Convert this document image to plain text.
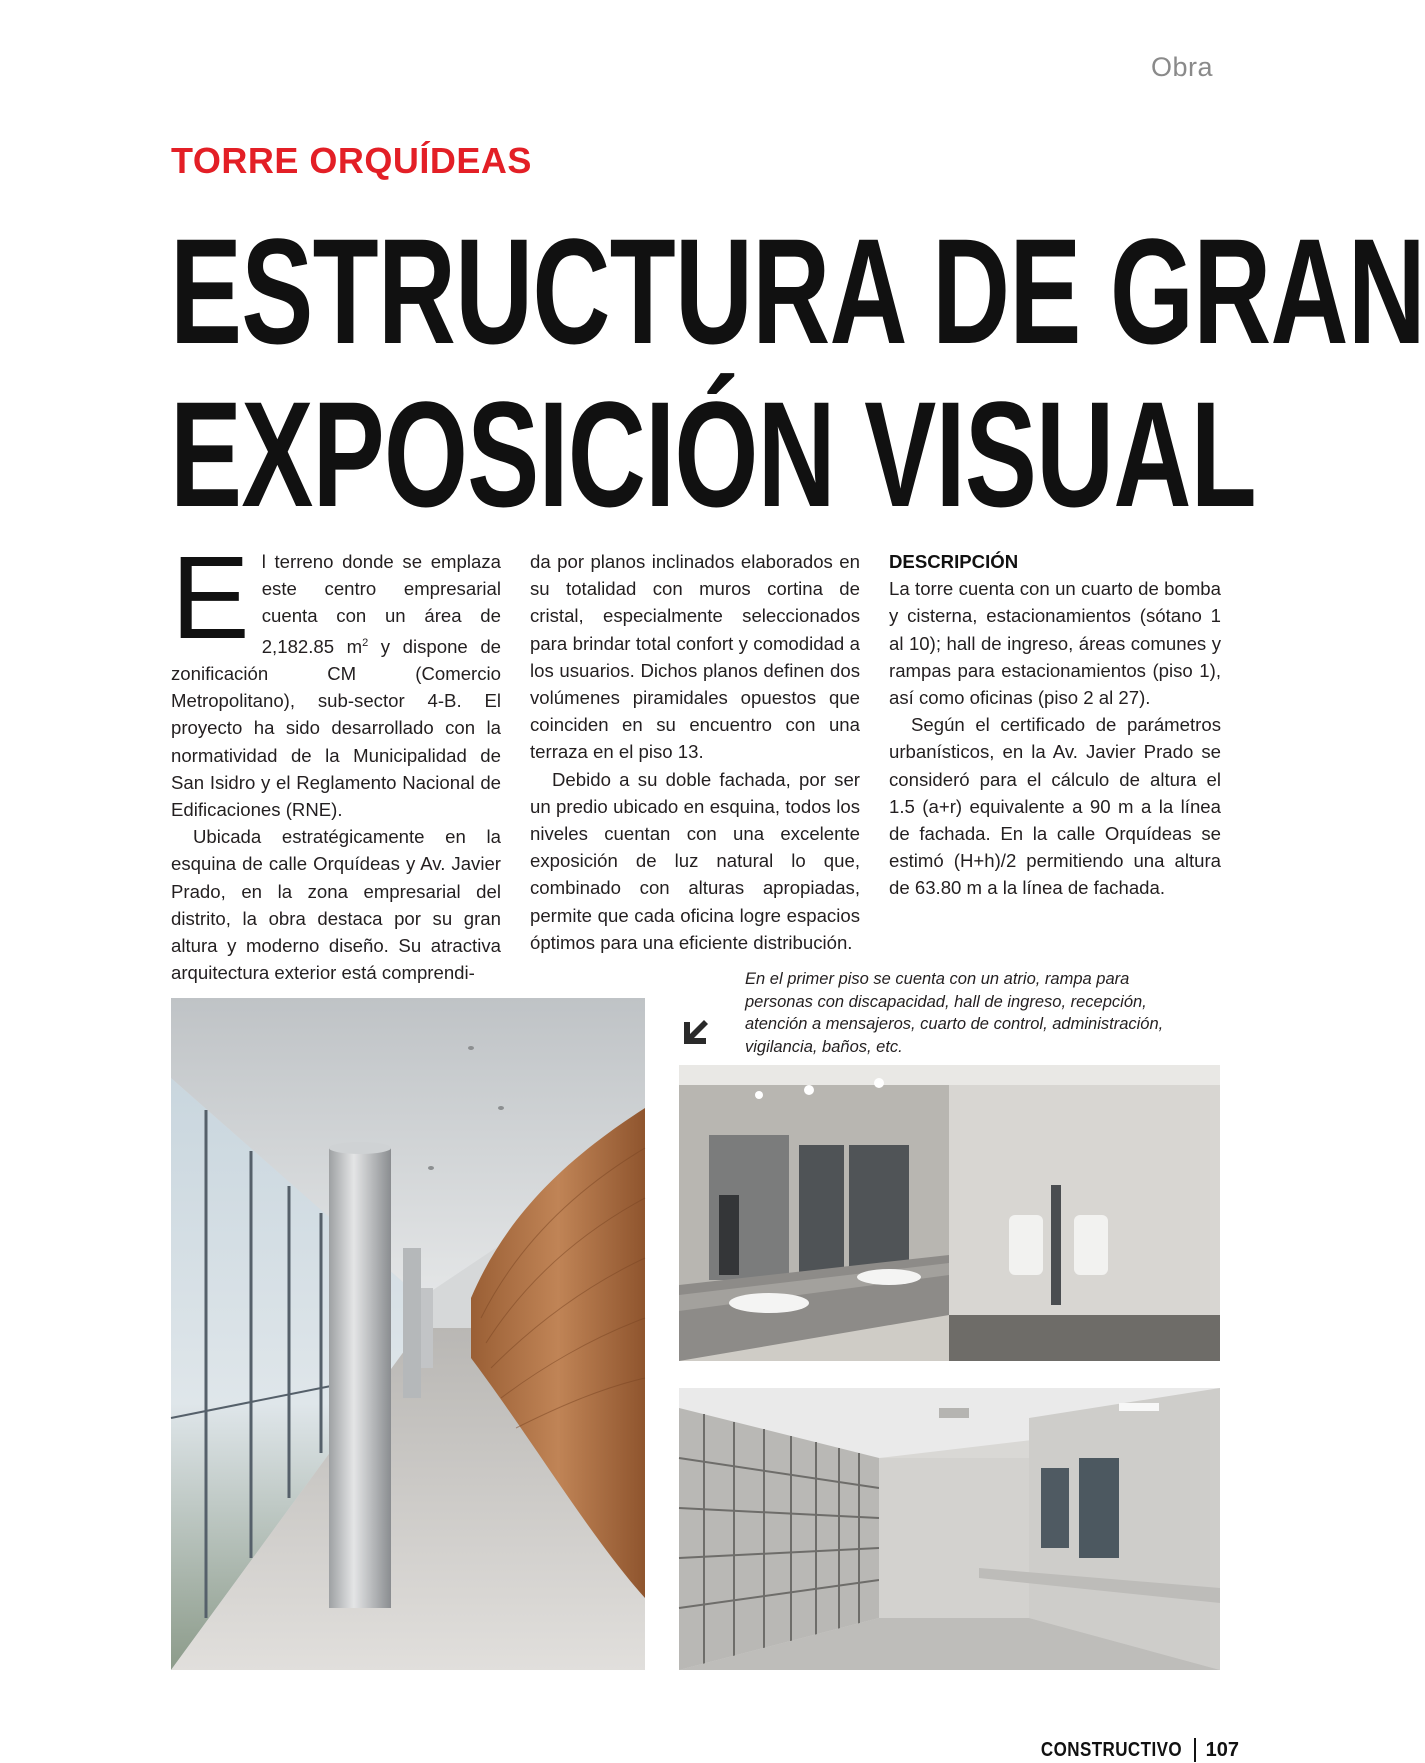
Obra
TORRE ORQUÍDEAS
ESTRUCTURA DE GRAN
EXPOSICIÓN VISUAL

El terreno donde se emplaza este centro empresarial cuenta con un área de 2,182.85 $m^2$ y dispone de zonificación CM (Comercio Metropolitano), sub-sector 4-B. El proyecto ha sido desarrollado con la normatividad de la Municipalidad de San Isidro y el Reglamento Nacional de Edificaciones (RNE).

Ubicada estratégicamente en la esquina de calle Orquídeas y Av. Javier Prado, en la zona empresarial del distrito, la obra destaca por su gran altura y moderno diseño. Su atractiva arquitectura exterior está comprendi-

da por planos inclinados elaborados en su totalidad con muros cortina de cristal, especialmente seleccionados para brindar total confort y comodidad a los usuarios. Dichos planos definen dos volúmenes piramidales opuestos que coinciden en su encuentro con una terraza en el piso 13.

Debido a su doble fachada, por ser un predio ubicado en esquina, todos los niveles cuentan con una excelente exposición de luz natural lo que, combinado con alturas apropiadas, permite que cada oficina logre espacios óptimos para una eficiente distribución.

DESCRIPCIÓN

La torre cuenta con un cuarto de bomba y cisterna, estacionamientos (sótano 1 al 10); hall de ingreso, áreas comunes y rampas para estacionamientos (piso 1), así como oficinas (piso 2 al 27).

Según el certificado de parámetros urbanísticos, en la Av. Javier Prado se consideró para el cálculo de altura el 1.5 (a+r) equivalente a 90 m a la línea de fachada. En la calle Orquídeas se estimó (H+h)/2 permitiendo una altura de 63.80 m a la línea de fachada.

En el primer piso se cuenta con un atrio, rampa para personas con discapacidad, hall de ingreso, recepción, atención a mensajeros, cuarto de control, administración, vigilancia, baños, etc.
CONSTRUCTIVO 107
